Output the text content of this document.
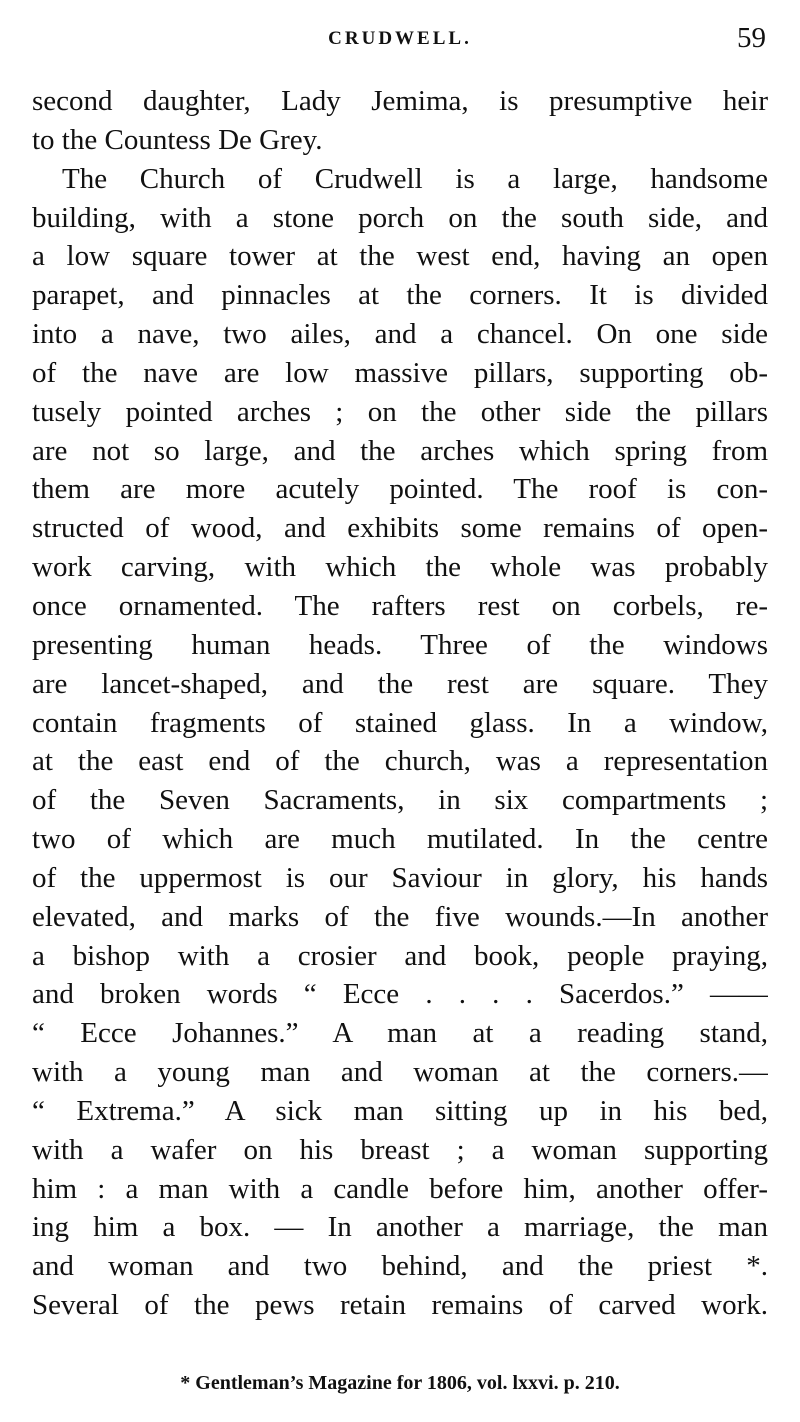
CRUDWELL.	59
second daughter, Lady Jemima, is presumptive heir
to the Countess De Grey.
The Church of Crudwell is a large, handsome
building, with a stone porch on the south side, and
a low square tower at the west end, having an open
parapet, and pinnacles at the corners. It is divided
into a nave, two ailes, and a chancel. On one side
of the nave are low massive pillars, supporting ob-
tusely pointed arches ; on the other side the pillars
are not so large, and the arches which spring from
them are more acutely pointed. The roof is con-
structed of wood, and exhibits some remains of open-
work carving, with which the whole was probably
once ornamented. The rafters rest on corbels, re-
presenting human heads. Three of the windows
are lancet-shaped, and the rest are square. They
contain fragments of stained glass. In a window,
at the east end of the church, was a representation
of the Seven Sacraments, in six compartments ;
two of which are much mutilated. In the centre
of the uppermost is our Saviour in glory, his hands
elevated, and marks of the five wounds.—In another
a bishop with a crosier and book, people praying,
and broken words “ Ecce . . . . Sacerdos.” ——
“ Ecce Johannes.” A man at a reading stand,
with a young man and woman at the corners.—
“ Extrema.” A sick man sitting up in his bed,
with a wafer on his breast ; a woman supporting
him : a man with a candle before him, another offer-
ing him a box. — In another a marriage, the man
and woman and two behind, and the priest *.
Several of the pews retain remains of carved work.
* Gentleman’s Magazine for 1806, vol. lxxvi. p. 210.
